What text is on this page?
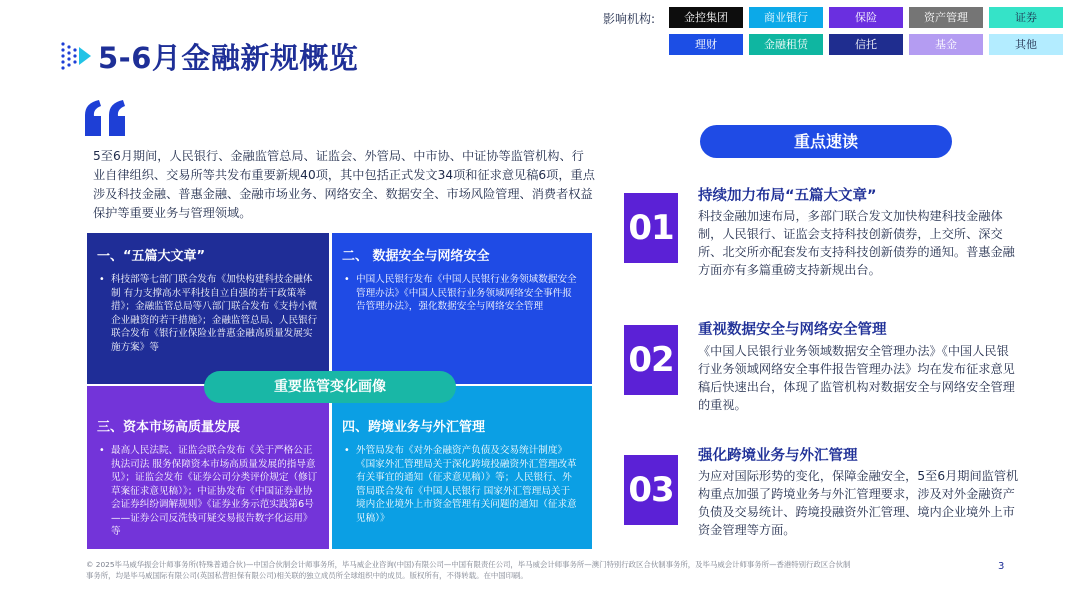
5-6月金融新规概览
影响机构:	金控集团	商业银行	保险	资产管理	证券
理财	金融租赁	信托	基金	其他
5至6月期间，人民银行、金融监管总局、证监会、外管局、中市协、中证协等监管机构、行业自律组织、交易所等共发布重要新规40项，其中包括正式发文34项和征求意见稿6项，重点涉及科技金融、普惠金融、金融市场业务、网络安全、数据安全、市场风险管理、消费者权益保护等重要业务与管理领域。
一、“五篇大文章”
• 科技部等七部门联合发布《加快构建科技金融体制 有力支撑高水平科技自立自强的若干政策举措》；金融监管总局等八部门联合发布《支持小微企业融资的若干措施》；金融监管总局、人民银行联合发布《银行业保险业普惠金融高质量发展实施方案》等
二、 数据安全与网络安全
• 中国人民银行发布《中国人民银行业务领域数据安全管理办法》《中国人民银行业务领域网络安全事件报告管理办法》，强化数据安全与网络安全管理
三、资本市场高质量发展
• 最高人民法院、证监会联合发布《关于严格公正执法司法 服务保障资本市场高质量发展的指导意见》；证监会发布《证券公司分类评价规定（修订草案征求意见稿）》；中证协发布《中国证券业协会证券纠纷调解规则》《证券业务示范实践第6号——证券公司反洗钱可疑交易报告数字化运用》等
四、跨境业务与外汇管理
• 外管局发布《对外金融资产负债及交易统计制度》《国家外汇管理局关于深化跨境投融资外汇管理改革有关事宜的通知（征求意见稿）》等；人民银行、外管局联合发布《中国人民银行 国家外汇管理局关于境内企业境外上市资金管理有关问题的通知（征求意见稿）》
重要监管变化画像
重点速读
01
持续加力布局“五篇大文章”
科技金融加速布局，多部门联合发文加快构建科技金融体制，人民银行、证监会支持科技创新债券，上交所、深交所、北交所亦配套发布支持科技创新债券的通知。普惠金融方面亦有多篇重磅支持新规出台。
02
重视数据安全与网络安全管理
《中国人民银行业务领域数据安全管理办法》《中国人民银行业务领域网络安全事件报告管理办法》均在发布征求意见稿后快速出台，体现了监管机构对数据安全与网络安全管理的重视。
03
强化跨境业务与外汇管理
为应对国际形势的变化，保障金融安全，5至6月期间监管机构重点加强了跨境业务与外汇管理要求，涉及对外金融资产负债及交易统计、跨境投融资外汇管理、境内企业境外上市资金管理等方面。
© 2025毕马威华振会计师事务所(特殊普通合伙)—中国合伙制会计师事务所，毕马威企业咨询(中国)有限公司—中国有限责任公司，毕马威会计师事务所—澳门特别行政区合伙制事务所，及毕马威会计师事务所—香港特别行政区合伙制事务所，均是毕马威国际有限公司(英国私营担保有限公司)相关联的独立成员所全球组织中的成员。版权所有，不得转载。在中国印刷。
3
